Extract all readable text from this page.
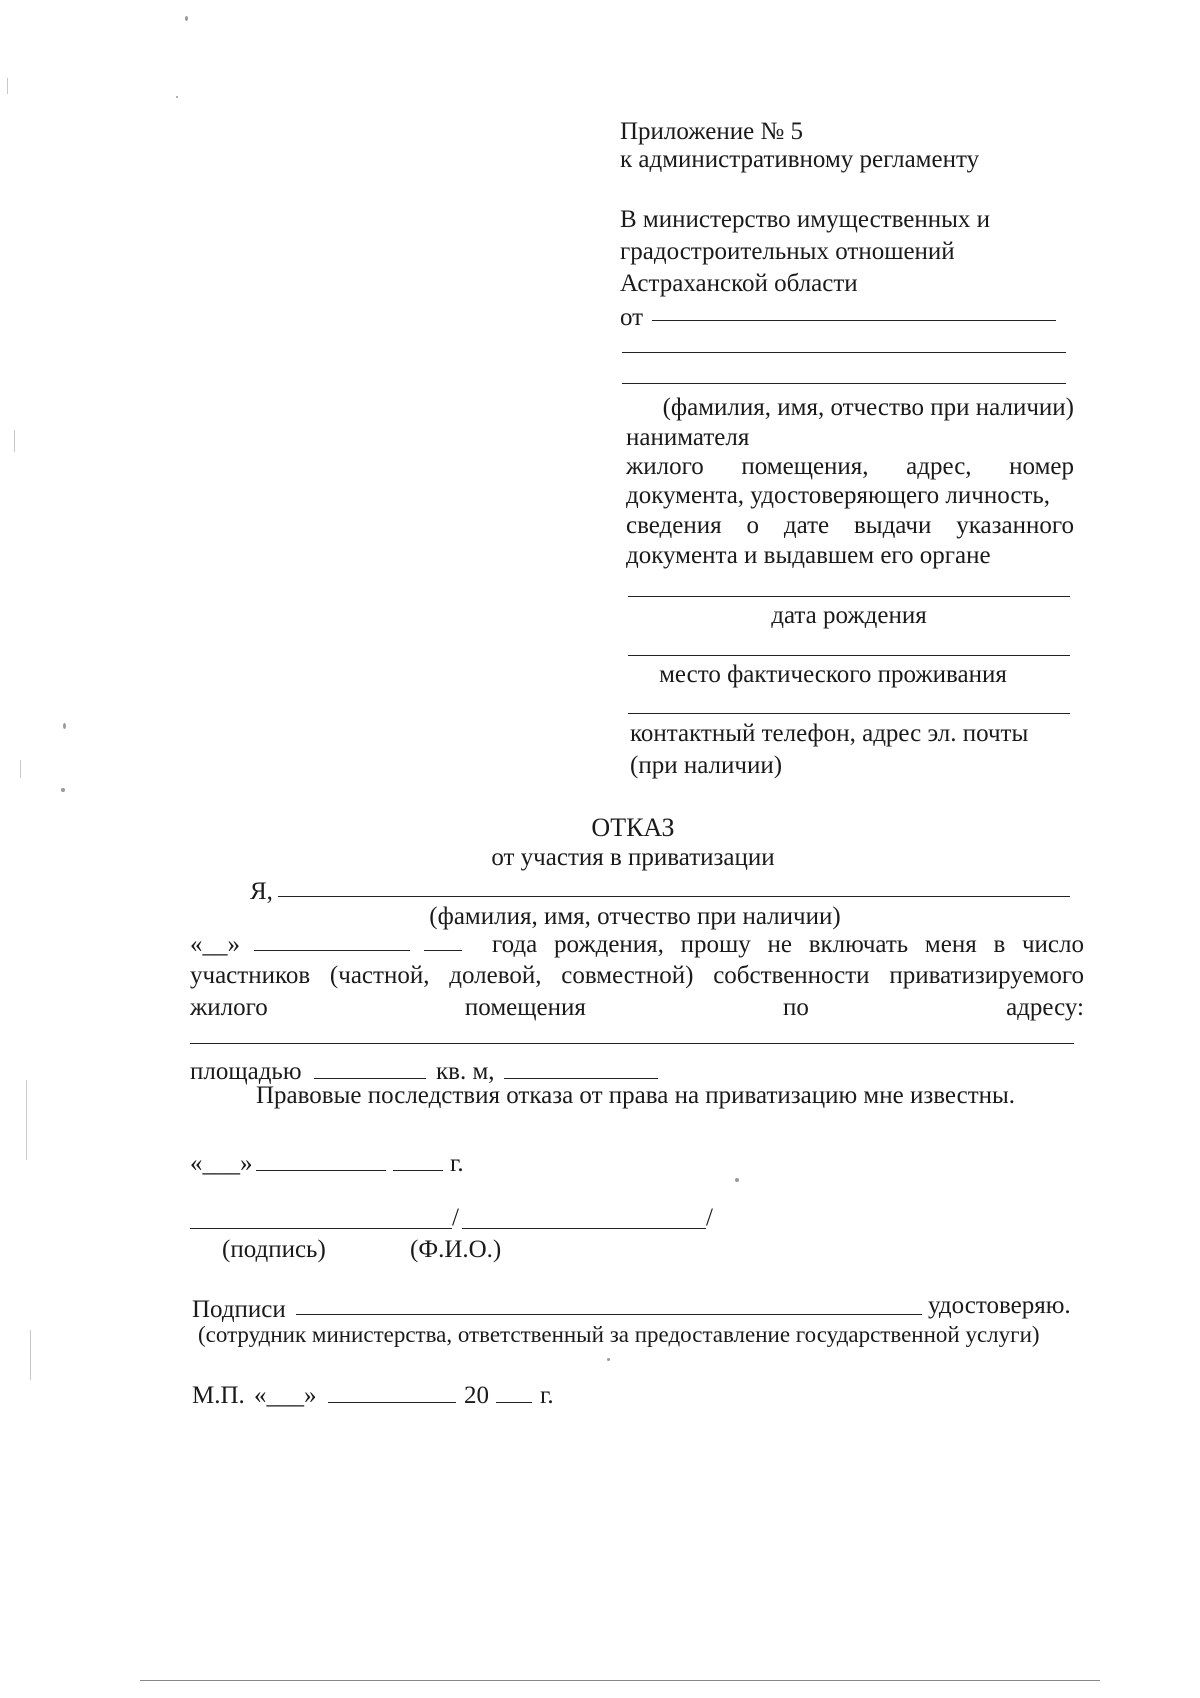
Приложение № 5
к административному регламенту
В министерство имущественных и
градостроительных отношений
Астраханской области
от
(фамилия, имя, отчество при наличии)
нанимателя
жилого помещения, адрес, номер
документа, удостоверяющего личность,
сведения о дате выдачи указанного
документа и выдавшем его органе
дата рождения
место фактического проживания
контактный телефон, адрес эл. почты
(при наличии)
ОТКАЗ
от участия в приватизации
Я,
(фамилия, имя, отчество при наличии)
«__»	года рождения, прошу не включать меня в число
участников (частной, долевой, совместной) собственности приватизируемого
жилого помещения по адресу:
площадью	кв. м,
Правовые последствия отказа от права на приватизацию мне известны.
«___»	г.
/	/
(подпись)	(Ф.И.О.)
Подписи	удостоверяю.
(сотрудник министерства, ответственный за предоставление государственной услуги)
М.П. «___»	20 г.
